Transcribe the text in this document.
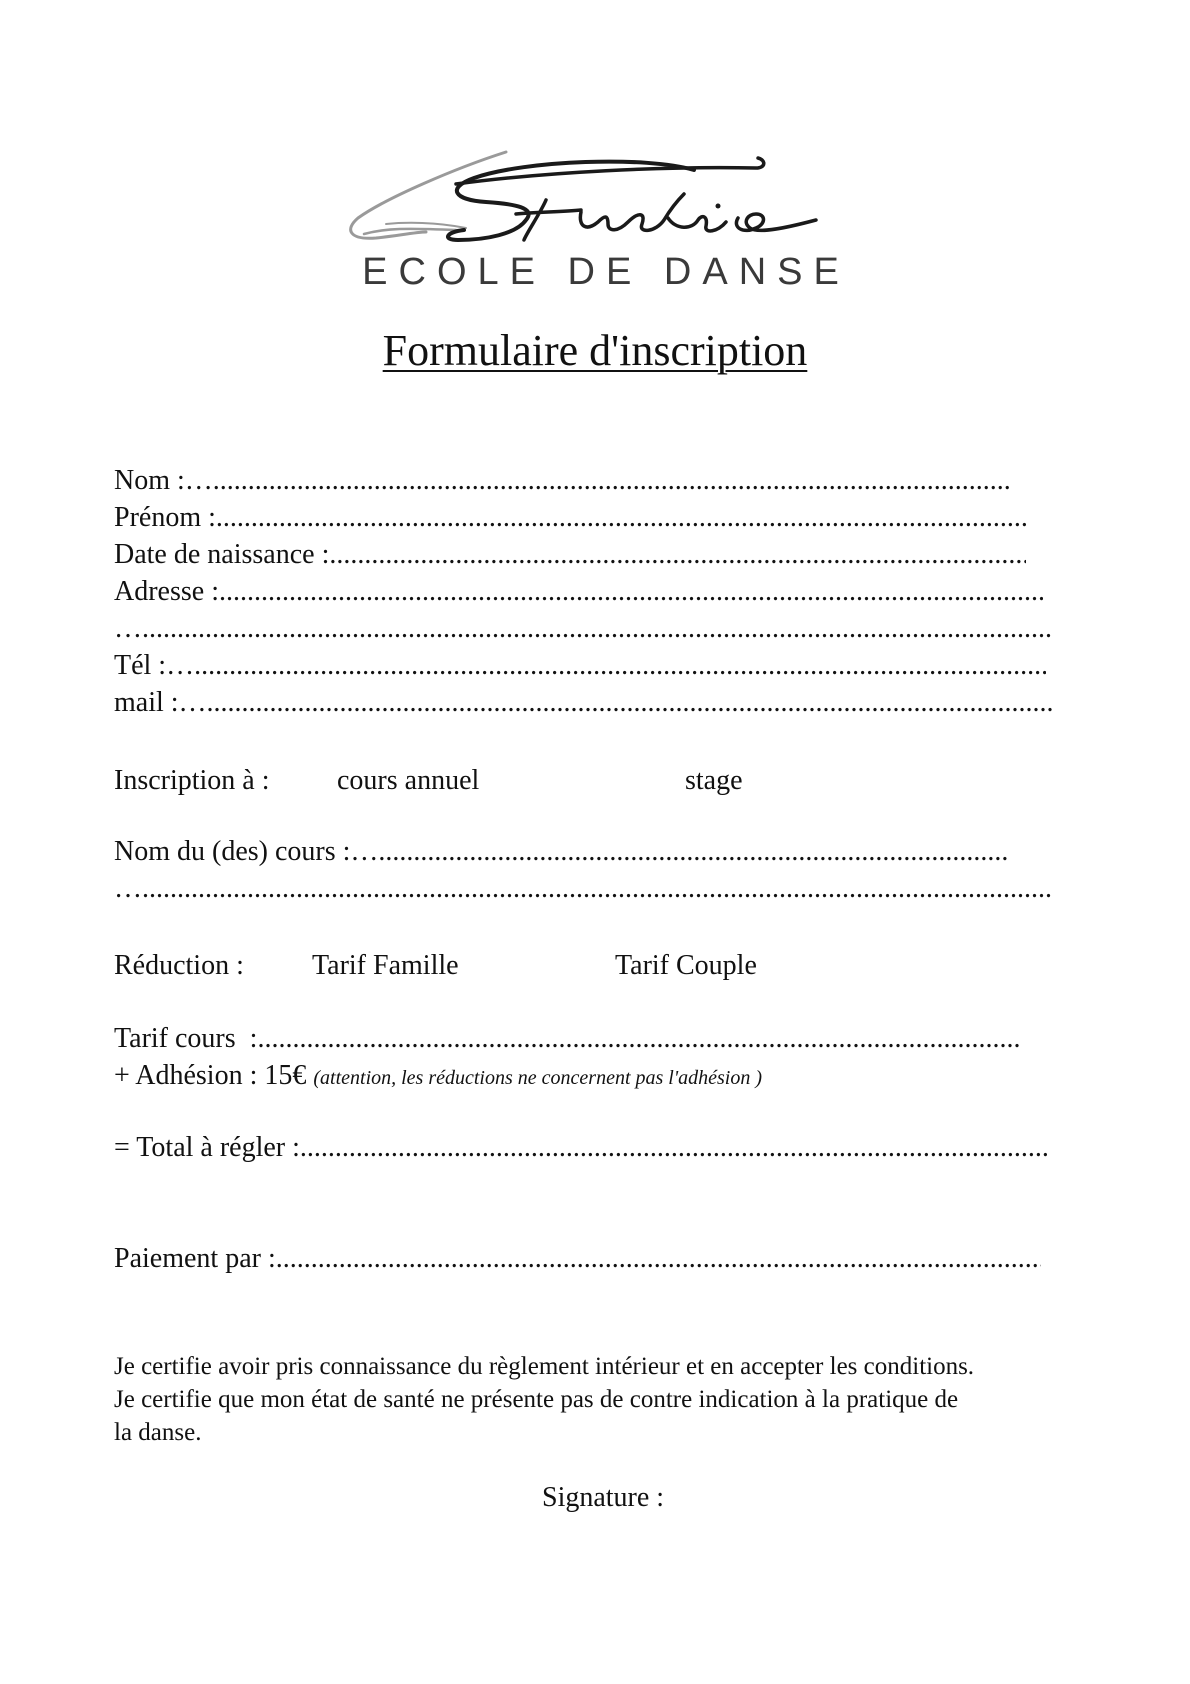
ECOLE DE DANSE
Formulaire d'inscription
Nom :…
.....
Prénom :
.....
Date de naissance :
.....
Adresse :
.....
…
.....
Tél :…
.....
mail :…
.....
Inscription à : cours annuel	stage
Nom du (des) cours :…
.....
…
.....
Réduction : Tarif Famille	Tarif Couple
Tarif cours  :
.....
+ Adhésion : 15€ (attention, les réductions ne concernent pas l'adhésion )
= Total à régler :
.....
Paiement par :
.....
Je certifie avoir pris connaissance du règlement intérieur et en accepter les conditions.
Je certifie que mon état de santé ne présente pas de contre indication à la pratique de
la danse.
Signature :
